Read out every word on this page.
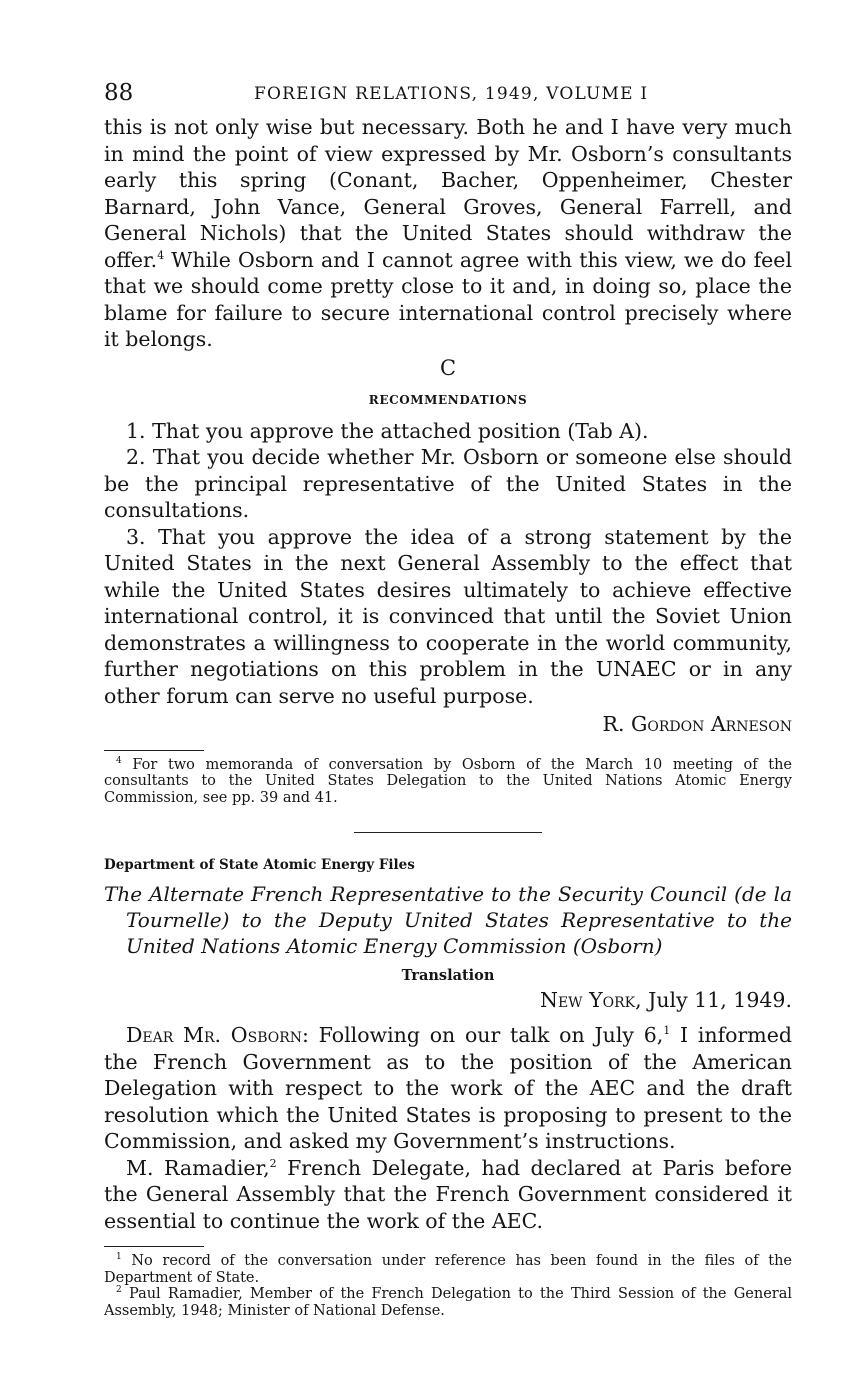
88	FOREIGN RELATIONS, 1949, VOLUME I

this is not only wise but necessary. Both he and I have very much in mind the point of view expressed by Mr. Osborn’s consultants early this spring (Conant, Bacher, Oppenheimer, Chester Barnard, John Vance, General Groves, General Farrell, and General Nichols) that the United States should withdraw the offer.$^4$ While Osborn and I cannot agree with this view, we do feel that we should come pretty close to it and, in doing so, place the blame for failure to secure international control precisely where it belongs.

C

RECOMMENDATIONS

1. That you approve the attached position (Tab A).

2. That you decide whether Mr. Osborn or someone else should be the principal representative of the United States in the consultations.

3. That you approve the idea of a strong statement by the United States in the next General Assembly to the effect that while the United States desires ultimately to achieve effective international control, it is convinced that until the Soviet Union demonstrates a willingness to cooperate in the world community, further negotiations on this problem in the UNAEC or in any other forum can serve no useful purpose.

R. Gordon Arneson

$^4$ For two memoranda of conversation by Osborn of the March 10 meeting of the consultants to the United States Delegation to the United Nations Atomic Energy Commission, see pp. 39 and 41.

Department of State Atomic Energy Files

The Alternate French Representative to the Security Council (de la Tournelle) to the Deputy United States Representative to the United Nations Atomic Energy Commission (Osborn)

Translation

New York, July 11, 1949.

Dear Mr. Osborn: Following on our talk on July 6,$^1$ I informed the French Government as to the position of the American Delegation with respect to the work of the AEC and the draft resolution which the United States is proposing to present to the Commission, and asked my Government’s instructions.

M. Ramadier,$^2$ French Delegate, had declared at Paris before the General Assembly that the French Government considered it essential to continue the work of the AEC.

$^1$ No record of the conversation under reference has been found in the files of the Department of State.

$^2$ Paul Ramadier, Member of the French Delegation to the Third Session of the General Assembly, 1948; Minister of National Defense.
